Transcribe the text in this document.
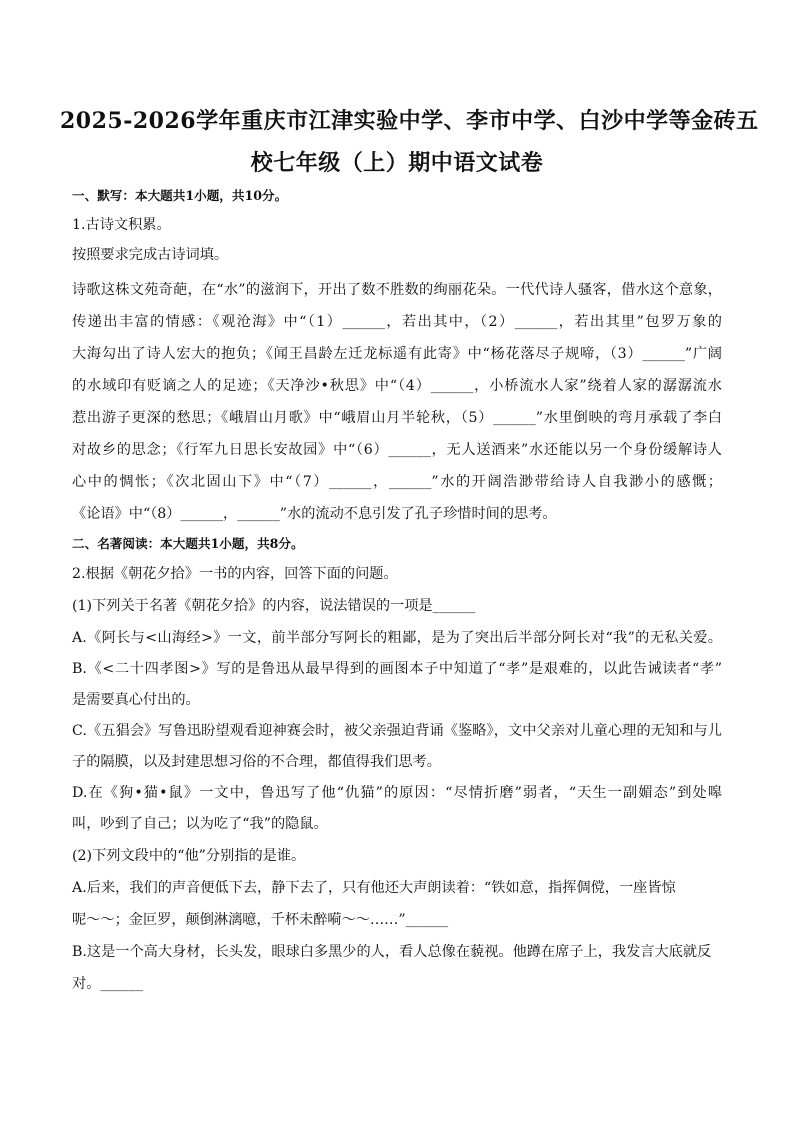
2025-2026学年重庆市江津实验中学、李市中学、白沙中学等金砖五
校七年级（上）期中语文试卷
一、默写：本大题共1小题，共10分。
1.古诗文积累。
按照要求完成古诗词填。
诗歌这株文苑奇葩，在“水”的滋润下，开出了数不胜数的绚丽花朵。一代代诗人骚客，借水这个意象，
传递出丰富的情感：《观沧海》中“（1）______，若出其中，（2）______，若出其里”包罗万象的
大海勾出了诗人宏大的抱负；《闻王昌龄左迁龙标遥有此寄》中“杨花落尽子规啼，（3）______”广阔
的水域印有贬谪之人的足迹；《天净沙•秋思》中“（4）______，小桥流水人家”绕着人家的潺潺流水
惹出游子更深的愁思；《峨眉山月歌》中“峨眉山月半轮秋，（5）______”水里倒映的弯月承载了李白
对故乡的思念；《行军九日思长安故园》中“（6）______，无人送酒来”水还能以另一个身份缓解诗人
心中的惆怅；《次北固山下》中“（7）______，______”水的开阔浩渺带给诗人自我渺小的感慨；
《论语》中“（8）______，______”水的流动不息引发了孔子珍惜时间的思考。
二、名著阅读：本大题共1小题，共8分。
2.根据《朝花夕拾》一书的内容，回答下面的问题。
(1)下列关于名著《朝花夕拾》的内容，说法错误的一项是______
A.《阿长与<山海经>》一文，前半部分写阿长的粗鄙，是为了突出后半部分阿长对“我”的无私关爱。
B.《<二十四孝图>》写的是鲁迅从最早得到的画图本子中知道了“孝”是艰难的，以此告诫读者“孝”
是需要真心付出的。
C.《五猖会》写鲁迅盼望观看迎神赛会时，被父亲强迫背诵《鉴略》，文中父亲对儿童心理的无知和与儿
子的隔膜，以及封建思想习俗的不合理，都值得我们思考。
D.在《狗•猫•鼠》一文中，鲁迅写了他“仇猫”的原因：“尽情折磨”弱者，“天生一副媚态”到处嗥
叫，吵到了自己；以为吃了“我”的隐鼠。
(2)下列文段中的“他”分别指的是谁。
A.后来，我们的声音便低下去，静下去了，只有他还大声朗读着：“铁如意，指挥倜傥，一座皆惊
呢～～；金叵罗，颠倒淋漓噫，千杯未醉嗬～～……”______
B.这是一个高大身材，长头发，眼球白多黑少的人，看人总像在藐视。他蹲在席子上，我发言大底就反
对。______
